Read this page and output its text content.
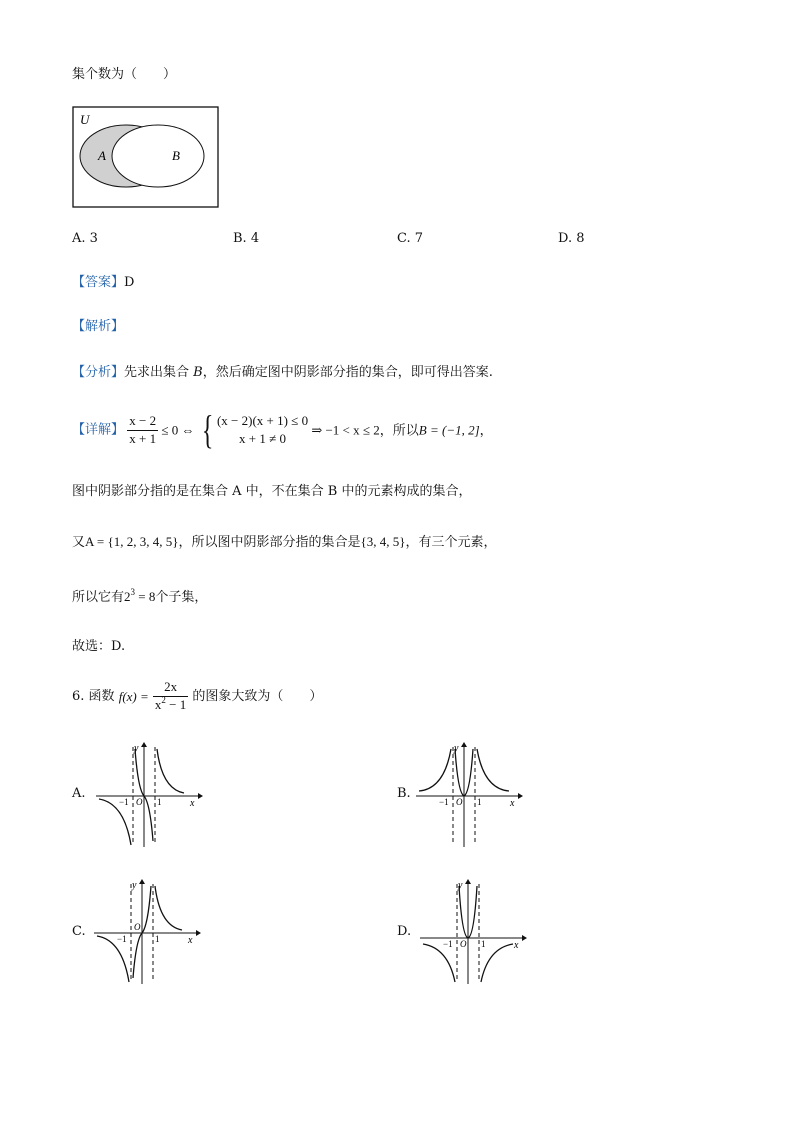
集个数为（　　）
U
A	B
A. 3	B. 4	C. 7	D. 8
【答案】D
【解析】
【分析】先求出集合 B，然后确定图中阴影部分指的集合，即可得出答案.
【详解】 $\frac{x - 2}{x + 1} \le 0$ ⇔ { (x − 2)(x + 1) ≤ 0
x + 1 ≠ 0
⇒ −1 < x ≤ 2，所以B = (−1, 2]，
图中阴影部分指的是在集合 A 中，不在集合 B 中的元素构成的集合，
又A = {1, 2, 3, 4, 5}，所以图中阴影部分指的集合是{3, 4, 5}，有三个元素，
所以它有$2^3 = 8$个子集，
故选：D.
6. 函数 $f(x) = \frac{2x}{x^2 - 1}$ 的图象大致为（　　）
A.
−1	1
O	x
y
B.
−1	1
O	x
y
C.	−1	1
O
x
y
D.
−1	1
O	x
y
